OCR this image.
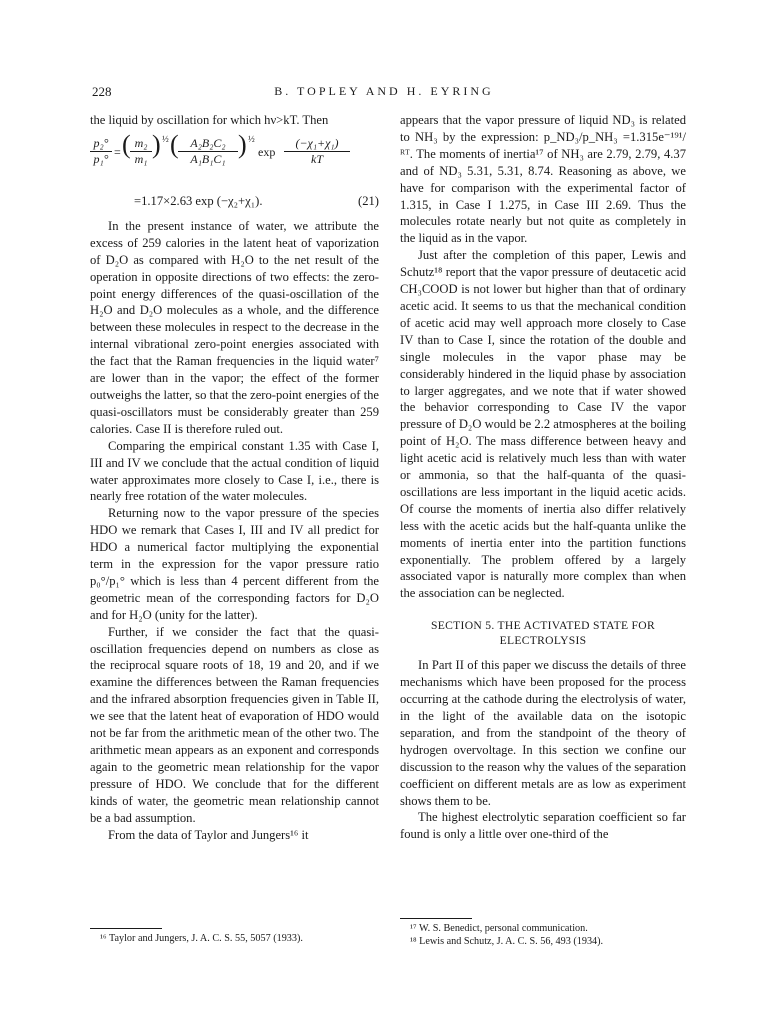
228	B. TOPLEY AND H. EYRING

the liquid by oscillation for which hν>kT. Then

p₂°
p₁° = ( m₂
m₁ ) ½ ( A₂B₂C₂
A₁B₁C₁ ) ½
exp
(−χ₁+χ₁)
kT
=1.17×2.63 exp (−χ₂+χ₁).	(21)

In the present instance of water, we attribute the excess of 259 calories in the latent heat of vaporization of D₂O as compared with H₂O to the net result of the operation in opposite directions of two effects: the zero-point energy differences of the quasi-oscillation of the H₂O and D₂O molecules as a whole, and the difference between these molecules in respect to the decrease in the internal vibrational zero-point energies associated with the fact that the Raman frequencies in the liquid water⁷ are lower than in the vapor; the effect of the former outweighs the latter, so that the zero-point energies of the quasi-oscillators must be considerably greater than 259 calories. Case II is therefore ruled out.

Comparing the empirical constant 1.35 with Case I, III and IV we conclude that the actual condition of liquid water approximates more closely to Case I, i.e., there is nearly free rotation of the water molecules.

Returning now to the vapor pressure of the species HDO we remark that Cases I, III and IV all predict for HDO a numerical factor multiplying the exponential term in the expression for the vapor pressure ratio p₀°/p₁° which is less than 4 percent different from the geometric mean of the corresponding factors for D₂O and for H₂O (unity for the latter).

Further, if we consider the fact that the quasi-oscillation frequencies depend on numbers as close as the reciprocal square roots of 18, 19 and 20, and if we examine the differences between the Raman frequencies and the infrared absorption frequencies given in Table II, we see that the latent heat of evaporation of HDO would not be far from the arithmetic mean of the other two. The arithmetic mean appears as an exponent and corresponds again to the geometric mean relationship for the vapor pressure of HDO. We conclude that for the different kinds of water, the geometric mean relationship cannot be a bad assumption.

From the data of Taylor and Jungers¹⁶ it

¹⁶ Taylor and Jungers, J. A. C. S. 55, 5057 (1933).

appears that the vapor pressure of liquid ND₃ is related to NH₃ by the expression: p_ND₃/p_NH₃ =1.315e⁻¹⁹¹/ᴿᵀ. The moments of inertia¹⁷ of NH₃ are 2.79, 2.79, 4.37 and of ND₃ 5.31, 5.31, 8.74. Reasoning as above, we have for comparison with the experimental factor of 1.315, in Case I 1.275, in Case III 2.69. Thus the molecules rotate nearly but not quite as completely in the liquid as in the vapor.

Just after the completion of this paper, Lewis and Schutz¹⁸ report that the vapor pressure of deutacetic acid CH₃COOD is not lower but higher than that of ordinary acetic acid. It seems to us that the mechanical condition of acetic acid may well approach more closely to Case IV than to Case I, since the rotation of the double and single molecules in the vapor phase may be considerably hindered in the liquid phase by association to larger aggregates, and we note that if water showed the behavior corresponding to Case IV the vapor pressure of D₂O would be 2.2 atmospheres at the boiling point of H₂O. The mass difference between heavy and light acetic acid is relatively much less than with water or ammonia, so that the half-quanta of the quasi-oscillations are less important in the liquid acetic acids. Of course the moments of inertia also differ relatively less with the acetic acids but the half-quanta unlike the moments of inertia enter into the partition functions exponentially. The problem offered by a largely associated vapor is naturally more complex than when the association can be neglected.

SECTION 5. THE ACTIVATED STATE FOR
ELECTROLYSIS

In Part II of this paper we discuss the details of three mechanisms which have been proposed for the process occurring at the cathode during the electrolysis of water, in the light of the available data on the isotopic separation, and from the standpoint of the theory of hydrogen overvoltage. In this section we confine our discussion to the reason why the values of the separation coefficient on different metals are as low as experiment shows them to be.

The highest electrolytic separation coefficient so far found is only a little over one-third of the

¹⁷ W. S. Benedict, personal communication.
¹⁸ Lewis and Schutz, J. A. C. S. 56, 493 (1934).
